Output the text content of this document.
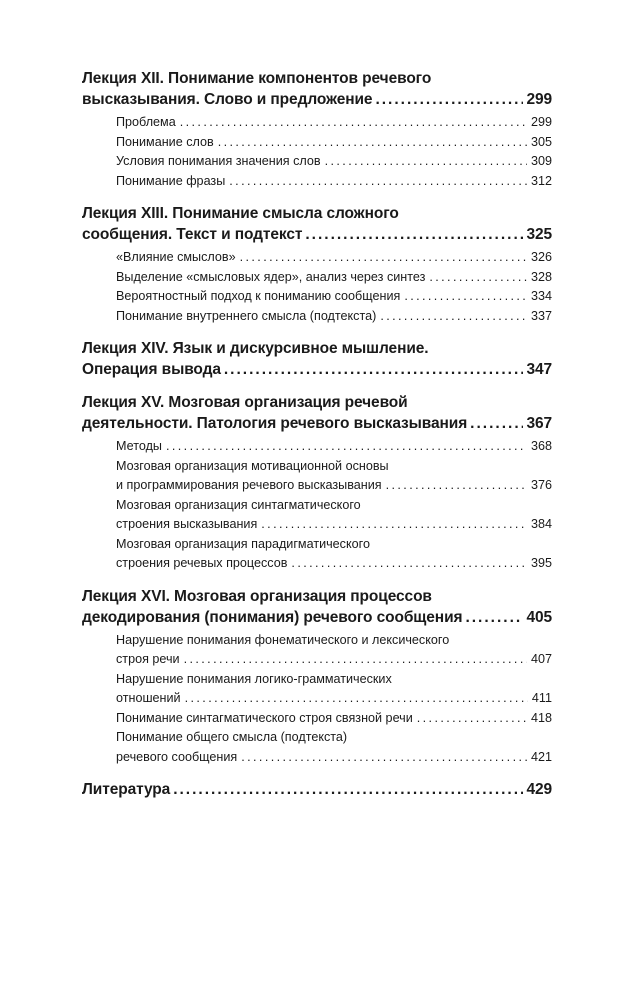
Лекция XII. Понимание компонентов речевого
высказывания. Слово и предложение .....	299
Проблема .....	299
Понимание слов .....	305
Условия понимания значения слов .....	309
Понимание фразы .....	312
Лекция XIII. Понимание смысла сложного
сообщения. Текст и подтекст .....	325
«Влияние смыслов» .....	326
Выделение «смысловых ядер», анализ через синтез .....	328
Вероятностный подход к пониманию сообщения .....	334
Понимание внутреннего смысла (подтекста) .....	337
Лекция XIV. Язык и дискурсивное мышление.
Операция вывода .....	347
Лекция XV. Мозговая организация речевой
деятельности. Патология речевого высказывания .....	367
Методы .....	368
Мозговая организация мотивационной основы
и программирования речевого высказывания .....	376
Мозговая организация синтагматического
строения высказывания .....	384
Мозговая организация парадигматического
строения речевых процессов .....	395
Лекция XVI. Мозговая организация процессов
декодирования (понимания) речевого сообщения .....	405
Нарушение понимания фонематического и лексического
строя речи .....	407
Нарушение понимания логико-грамматических
отношений .....	411
Понимание синтагматического строя связной речи .....	418
Понимание общего смысла (подтекста)
речевого сообщения .....	421
Литература .....	429
